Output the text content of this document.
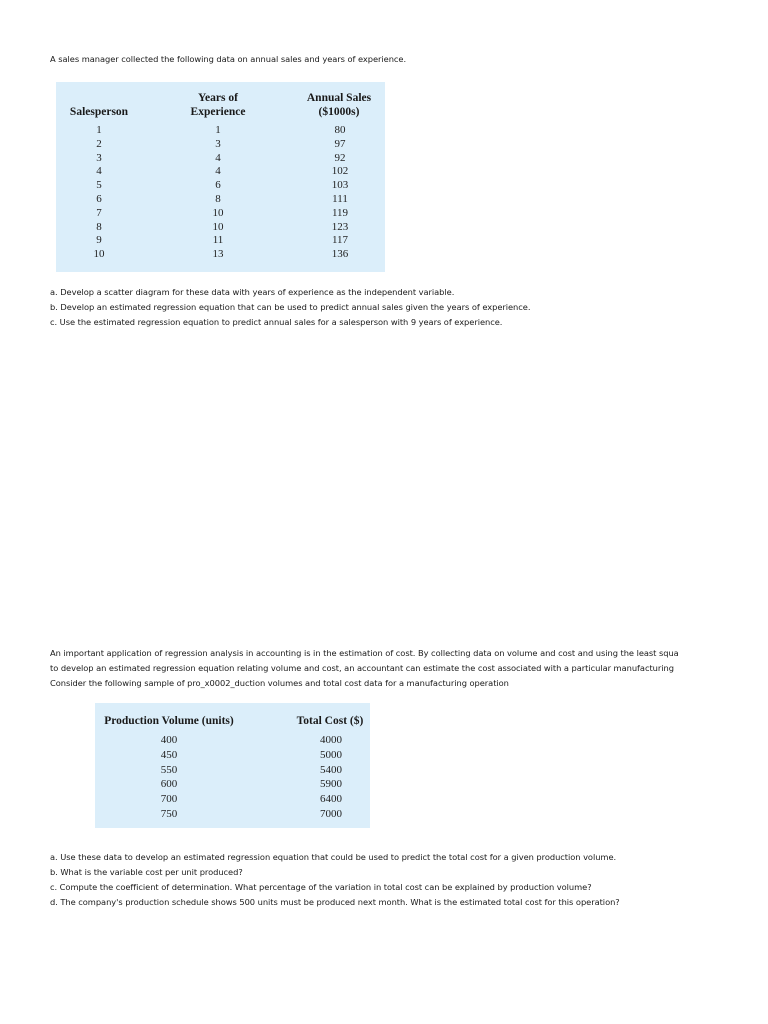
A sales manager collected the following data on annual sales and years of experience.
Salesperson
Years of
Experience
Annual Sales
($1000s)
1
2
3
4
5
6
7
8
9
10
1
3
4
4
6
8
10
10
11
13
80
97
92
102
103
111
119
123
117
136
a. Develop a scatter diagram for these data with years of experience as the independent variable.
b. Develop an estimated regression equation that can be used to predict annual sales given the years of experience.
c. Use the estimated regression equation to predict annual sales for a salesperson with 9 years of experience.
An important application of regression analysis in accounting is in the estimation of cost. By collecting data on volume and cost and using the least squa
to develop an estimated regression equation relating volume and cost, an accountant can estimate the cost associated with a particular manufacturing
Consider the following sample of pro_x0002_duction volumes and total cost data for a manufacturing operation
Production Volume (units)	Total Cost ($)
400
450
550
600
700
750
4000
5000
5400
5900
6400
7000
a. Use these data to develop an estimated regression equation that could be used to predict the total cost for a given production volume.
b. What is the variable cost per unit produced?
c. Compute the coefficient of determination. What percentage of the variation in total cost can be explained by production volume?
d. The company's production schedule shows 500 units must be produced next month. What is the estimated total cost for this operation?
